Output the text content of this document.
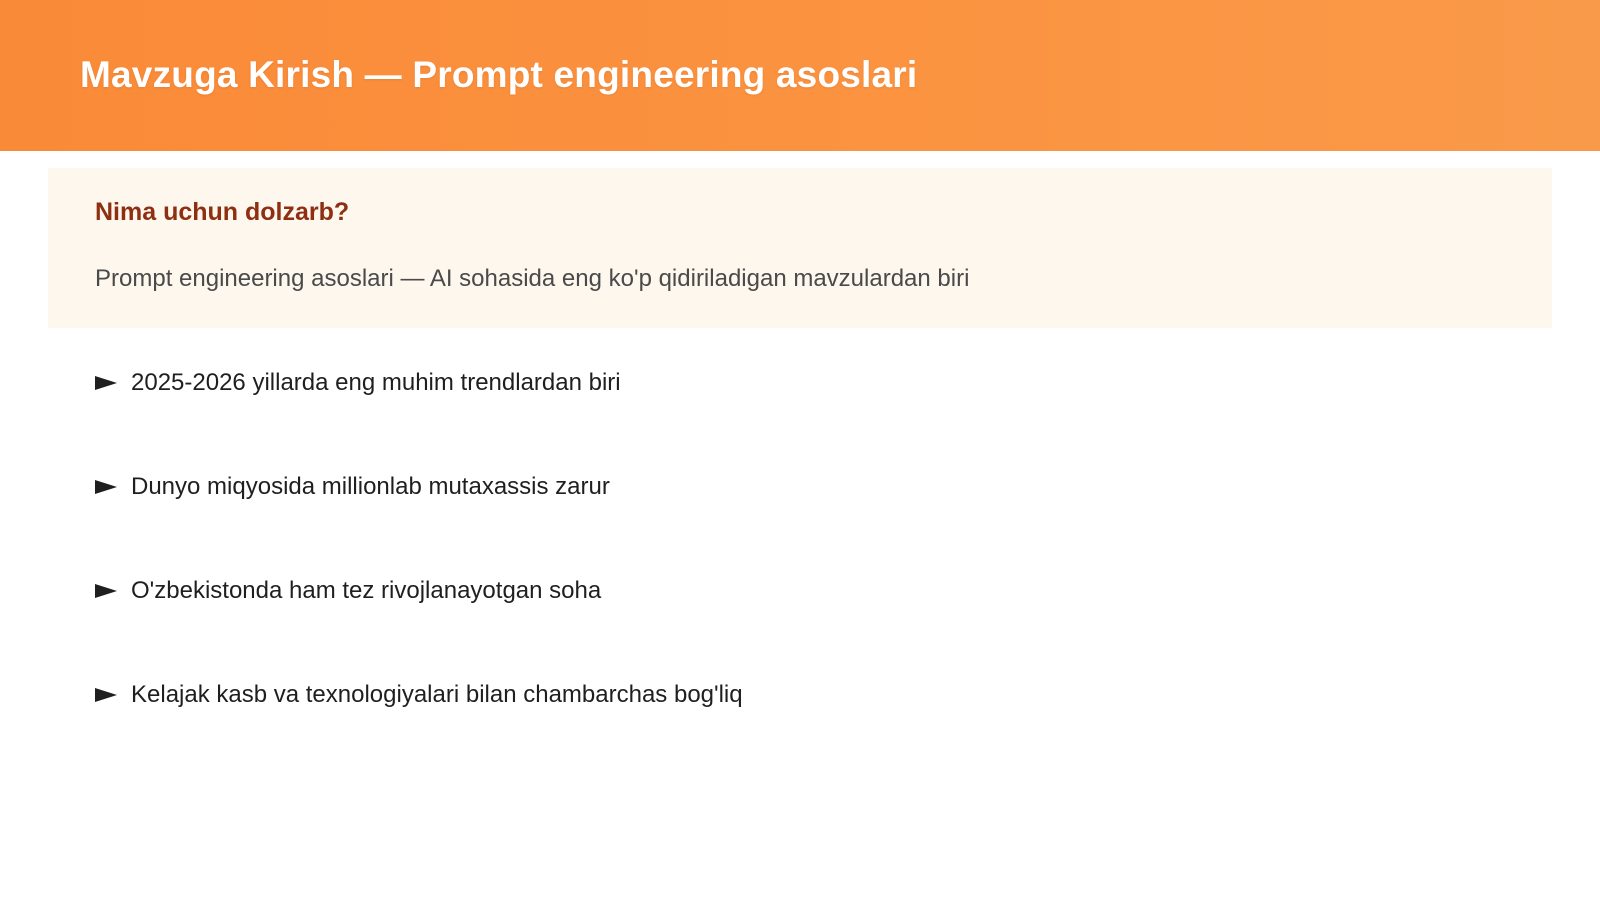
Mavzuga Kirish — Prompt engineering asoslari
Nima uchun dolzarb?

Prompt engineering asoslari — AI sohasida eng ko'p qidiriladigan mavzulardan biri

2025-2026 yillarda eng muhim trendlardan biri
Dunyo miqyosida millionlab mutaxassis zarur
O'zbekistonda ham tez rivojlanayotgan soha
Kelajak kasb va texnologiyalari bilan chambarchas bog'liq
